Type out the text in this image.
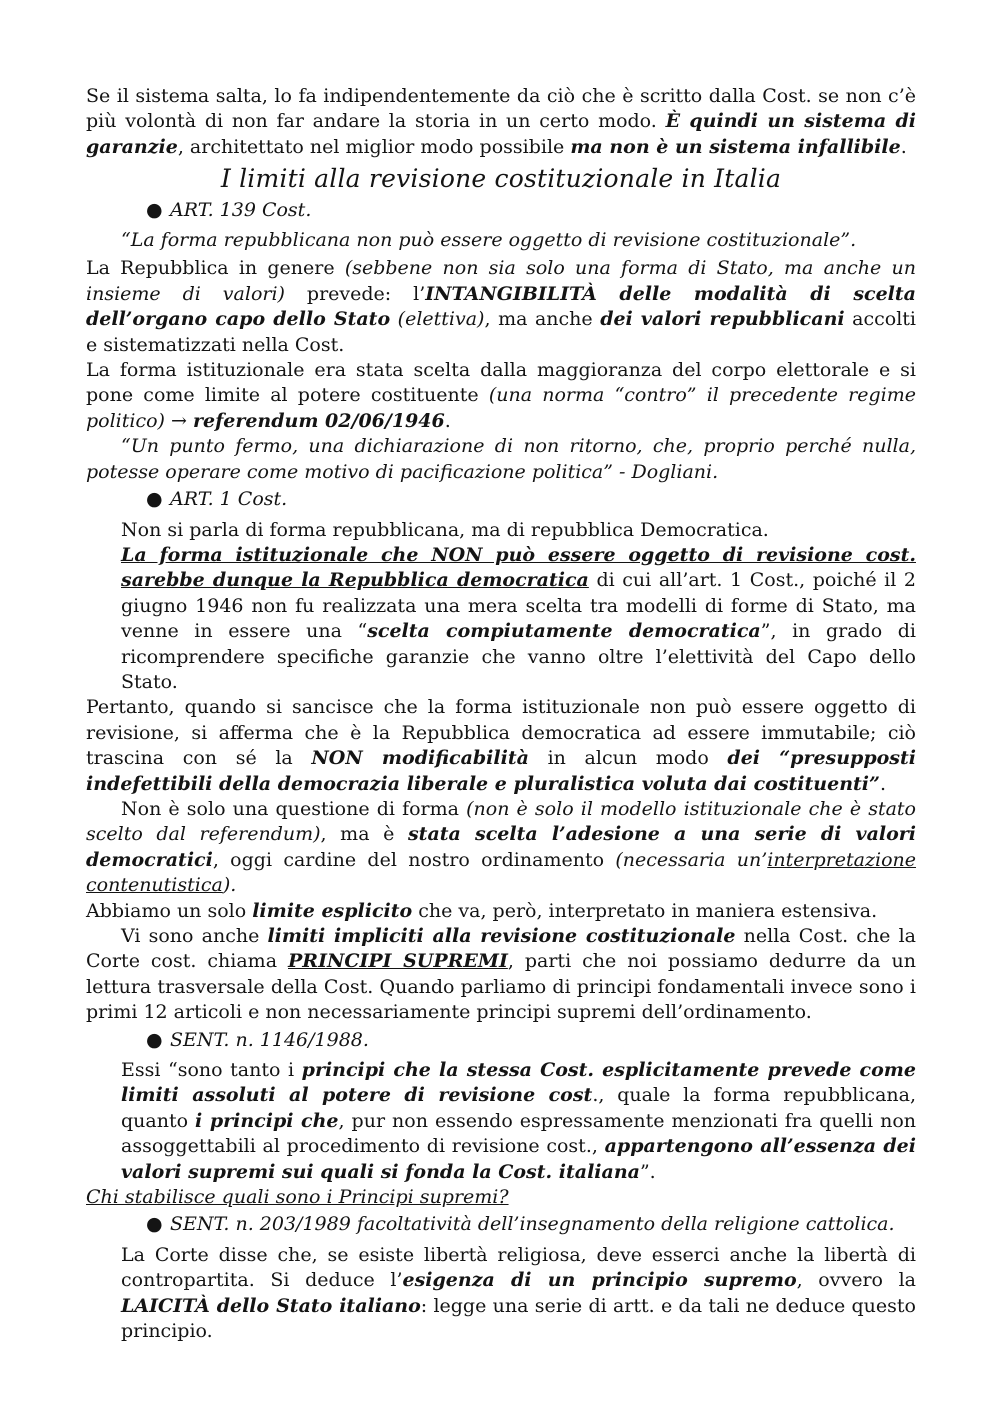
Se il sistema salta, lo fa indipendentemente da ciò che è scritto dalla Cost. se non c’è più volontà di non far andare la storia in un certo modo. È quindi un sistema di garanzie, architettato nel miglior modo possibile ma non è un sistema infallibile.

I limiti alla revisione costituzionale in Italia
● ART. 139 Cost.

“La forma repubblicana non può essere oggetto di revisione costituzionale”.

La Repubblica in genere (sebbene non sia solo una forma di Stato, ma anche un insieme di valori) prevede: l’INTANGIBILITÀ delle modalità di scelta dell’organo capo dello Stato (elettiva), ma anche dei valori repubblicani accolti e sistematizzati nella Cost.

La forma istituzionale era stata scelta dalla maggioranza del corpo elettorale e si pone come limite al potere costituente (una norma “contro” il precedente regime politico) → referendum 02/06/1946.

“Un punto fermo, una dichiarazione di non ritorno, che, proprio perché nulla, potesse operare come motivo di pacificazione politica” - Dogliani.

● ART. 1 Cost.

Non si parla di forma repubblicana, ma di repubblica Democratica.

La forma istituzionale che NON può essere oggetto di revisione cost. sarebbe dunque la Repubblica democratica di cui all’art. 1 Cost., poiché il 2 giugno 1946 non fu realizzata una mera scelta tra modelli di forme di Stato, ma venne in essere una “scelta compiutamente democratica”, in grado di ricomprendere specifiche garanzie che vanno oltre l’elettività del Capo dello Stato.

Pertanto, quando si sancisce che la forma istituzionale non può essere oggetto di revisione, si afferma che è la Repubblica democratica ad essere immutabile; ciò trascina con sé la NON modificabilità in alcun modo dei “presupposti indefettibili della democrazia liberale e pluralistica voluta dai costituenti”.

Non è solo una questione di forma (non è solo il modello istituzionale che è stato scelto dal referendum), ma è stata scelta l’adesione a una serie di valori democratici, oggi cardine del nostro ordinamento (necessaria un’interpretazione contenutistica).

Abbiamo un solo limite esplicito che va, però, interpretato in maniera estensiva.

Vi sono anche limiti impliciti alla revisione costituzionale nella Cost. che la Corte cost. chiama PRINCIPI SUPREMI, parti che noi possiamo dedurre da un lettura trasversale della Cost. Quando parliamo di principi fondamentali invece sono i primi 12 articoli e non necessariamente principi supremi dell’ordinamento.

● SENT. n. 1146/1988.

Essi “sono tanto i principi che la stessa Cost. esplicitamente prevede come limiti assoluti al potere di revisione cost., quale la forma repubblicana, quanto i principi che, pur non essendo espressamente menzionati fra quelli non assoggettabili al procedimento di revisione cost., appartengono all’essenza dei valori supremi sui quali si fonda la Cost. italiana”.

Chi stabilisce quali sono i Principi supremi?

● SENT. n. 203/1989 facoltatività dell’insegnamento della religione cattolica.

La Corte disse che, se esiste libertà religiosa, deve esserci anche la libertà di contropartita. Si deduce l’esigenza di un principio supremo, ovvero la LAICITÀ dello Stato italiano: legge una serie di artt. e da tali ne deduce questo principio.
